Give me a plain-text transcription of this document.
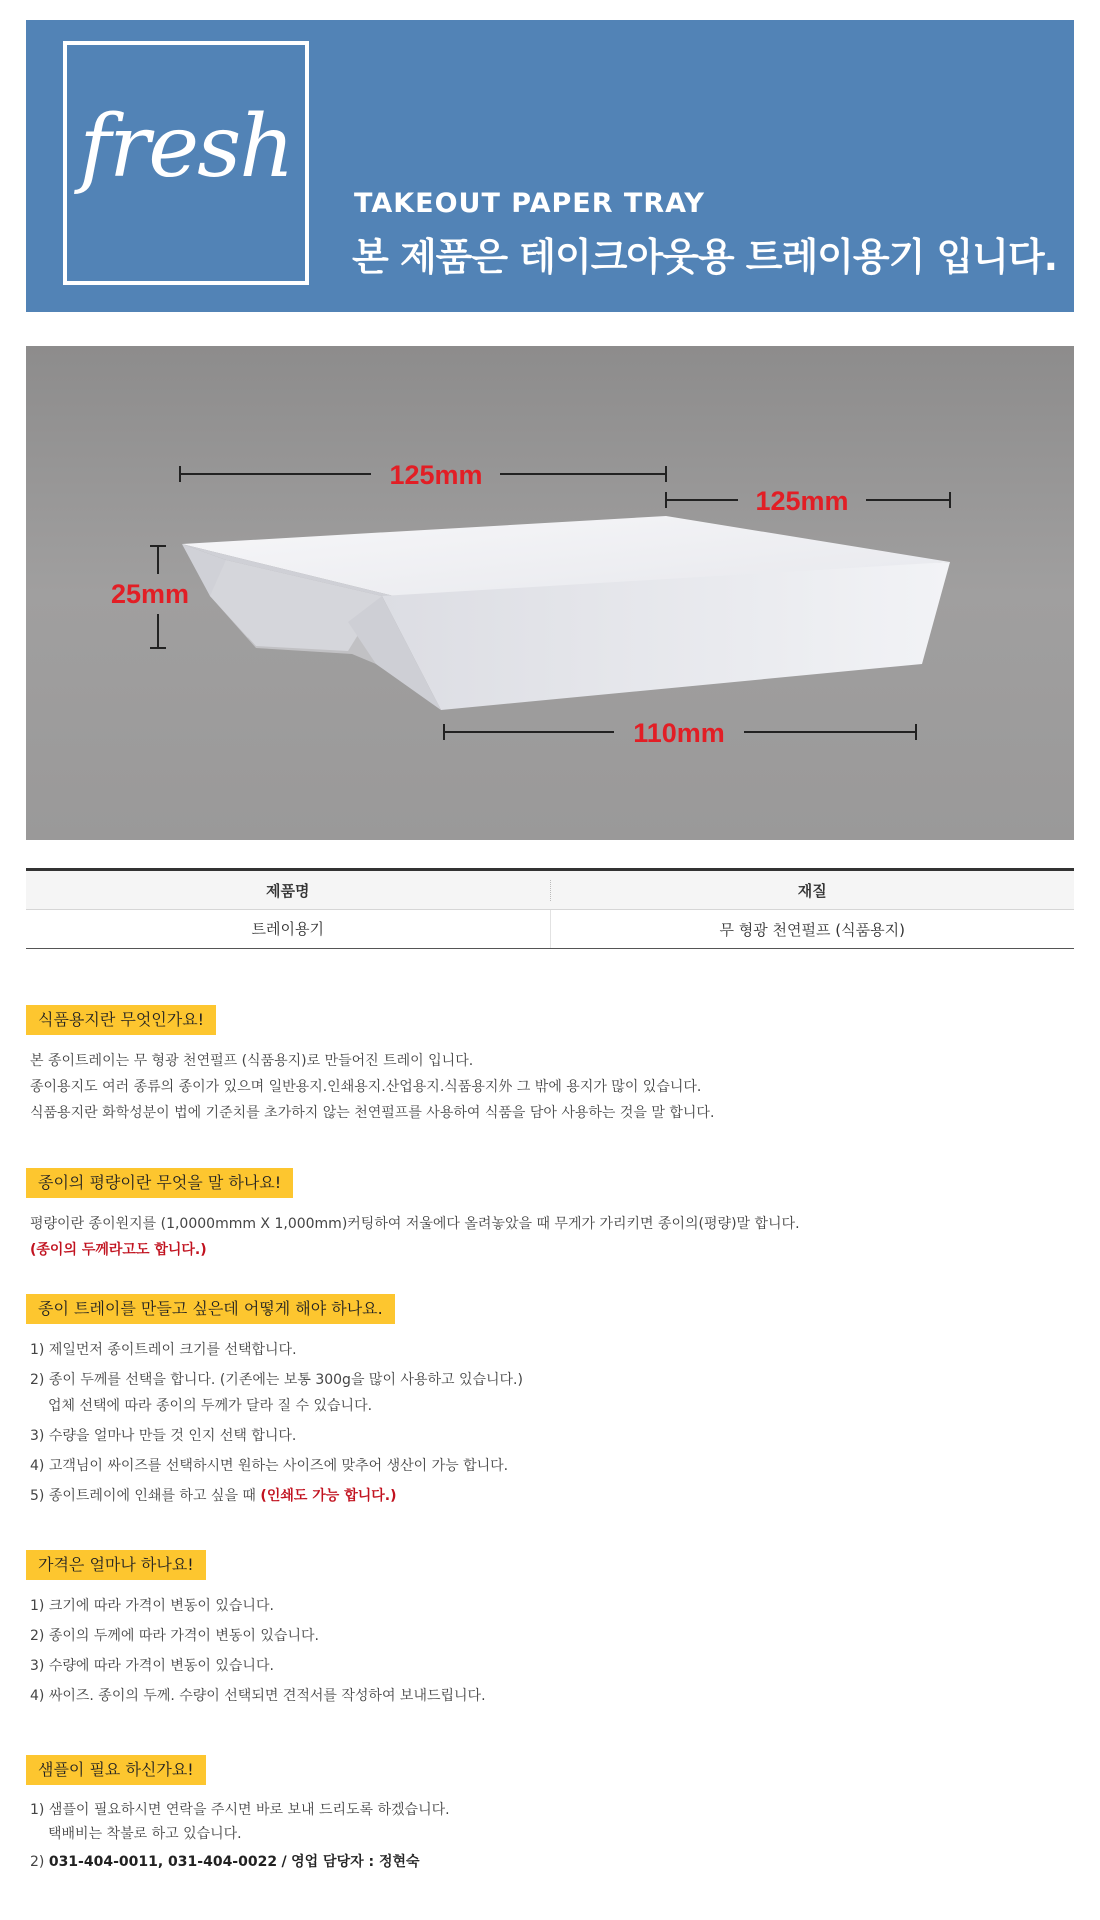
fresh
TAKEOUT PAPER TRAY
본 제품은 테이크아웃용 트레이용기 입니다.
125mm
125mm
25mm
110mm
제품명	재질
트레이용기	무 형광 천연펄프 (식품용지)
식품용지란 무엇인가요!
본 종이트레이는 무 형광 천연펄프 (식품용지)로 만들어진 트레이 입니다.
종이용지도 여러 종류의 종이가 있으며 일반용지.인쇄용지.산업용지.식품용지外 그 밖에 용지가 많이 있습니다.
식품용지란 화학성분이 법에 기준치를 초가하지 않는 천연펄프를 사용하여 식품을 담아 사용하는 것을 말 합니다.
종이의 평량이란 무엇을 말 하나요!
평량이란 종이원지를 (1,0000mmm X 1,000mm)커팅하여 저울에다 올려놓았을 때 무게가 가리키면 종이의(평량)말 합니다.
(종이의 두께라고도 합니다.)
종이 트레이를 만들고 싶은데 어떻게 해야 하나요.
1) 제일먼저 종이트레이 크기를 선택합니다.
2) 종이 두께를 선택을 합니다. (기존에는 보통 300g을 많이 사용하고 있습니다.)
업체 선택에 따라 종이의 두께가 달라 질 수 있습니다.
3) 수량을 얼마나 만들 것 인지 선택 합니다.
4) 고객님이 싸이즈를 선택하시면 원하는 사이즈에 맞추어 생산이 가능 합니다.
5) 종이트레이에 인쇄를 하고 싶을 때 (인쇄도 가능 합니다.)
가격은 얼마나 하나요!
1) 크기에 따라 가격이 변동이 있습니다.
2) 종이의 두께에 따라 가격이 변동이 있습니다.
3) 수량에 따라 가격이 변동이 있습니다.
4) 싸이즈. 종이의 두께. 수량이 선택되면 견적서를 작성하여 보내드립니다.
샘플이 필요 하신가요!
1) 샘플이 필요하시면 연락을 주시면 바로 보내 드리도록 하겠습니다.
택배비는 착불로 하고 있습니다.
2) 031-404-0011, 031-404-0022 / 영업 담당자 : 정현숙
